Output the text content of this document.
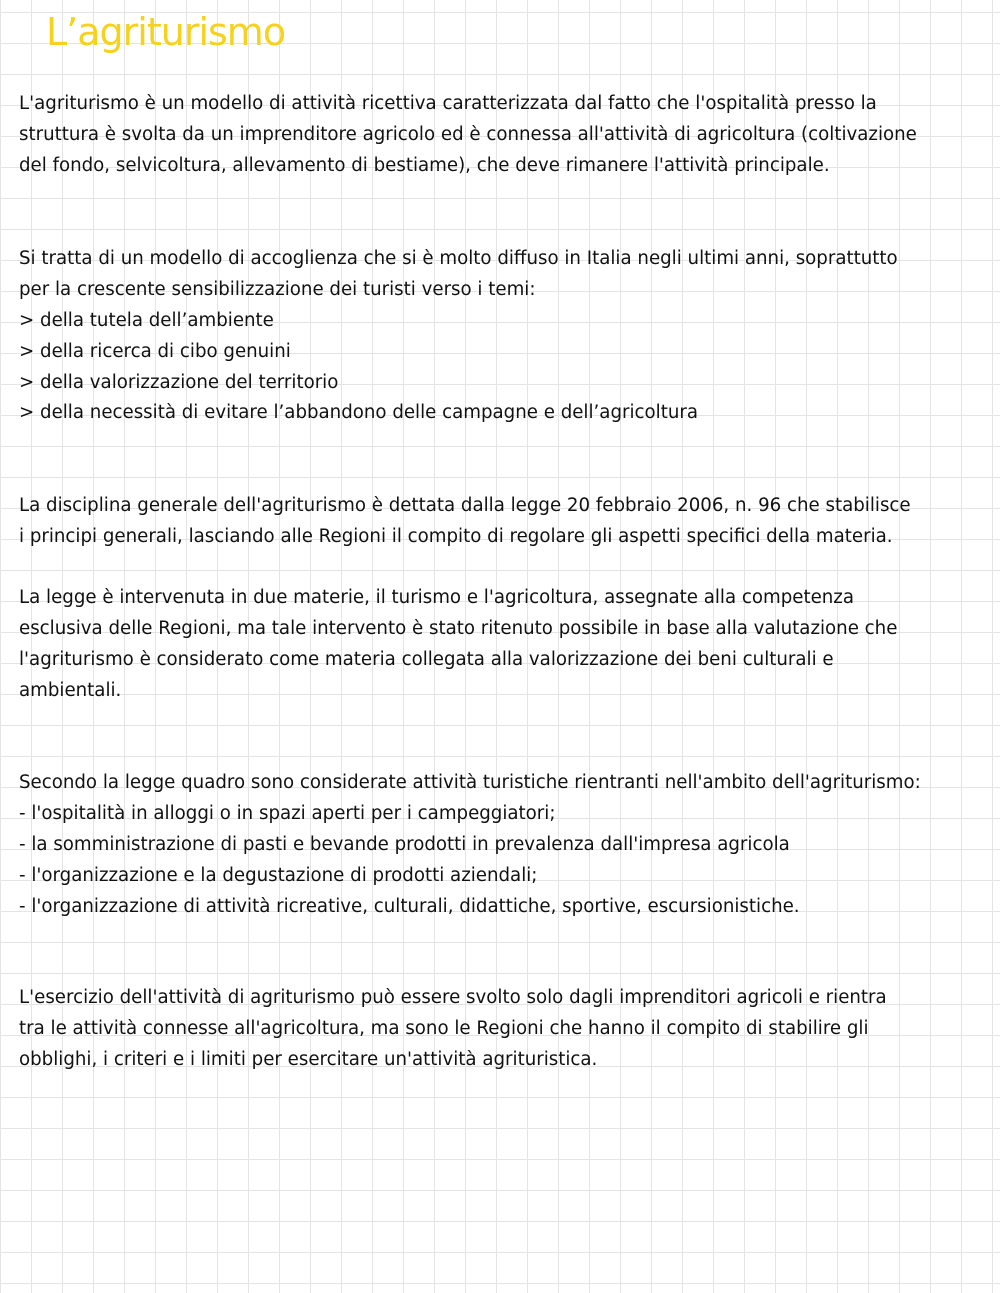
L’agriturismo
L'agriturismo è un modello di attività ricettiva caratterizzata dal fatto che l'ospitalità presso la
struttura è svolta da un imprenditore agricolo ed è connessa all'attività di agricoltura (coltivazione
del fondo, selvicoltura, allevamento di bestiame), che deve rimanere l'attività principale.
Si tratta di un modello di accoglienza che si è molto diffuso in Italia negli ultimi anni, soprattutto
per la crescente sensibilizzazione dei turisti verso i temi:
> della tutela dell’ambiente
> della ricerca di cibo genuini
> della valorizzazione del territorio
> della necessità di evitare l’abbandono delle campagne e dell’agricoltura
La disciplina generale dell'agriturismo è dettata dalla legge 20 febbraio 2006, n. 96 che stabilisce
i principi generali, lasciando alle Regioni il compito di regolare gli aspetti specifici della materia.
La legge è intervenuta in due materie, il turismo e l'agricoltura, assegnate alla competenza
esclusiva delle Regioni, ma tale intervento è stato ritenuto possibile in base alla valutazione che
l'agriturismo è considerato come materia collegata alla valorizzazione dei beni culturali e
ambientali.
Secondo la legge quadro sono considerate attività turistiche rientranti nell'ambito dell'agriturismo:
- l'ospitalità in alloggi o in spazi aperti per i campeggiatori;
- la somministrazione di pasti e bevande prodotti in prevalenza dall'impresa agricola
- l'organizzazione e la degustazione di prodotti aziendali;
- l'organizzazione di attività ricreative, culturali, didattiche, sportive, escursionistiche.
L'esercizio dell'attività di agriturismo può essere svolto solo dagli imprenditori agricoli e rientra
tra le attività connesse all'agricoltura, ma sono le Regioni che hanno il compito di stabilire gli
obblighi, i criteri e i limiti per esercitare un'attività agrituristica.
